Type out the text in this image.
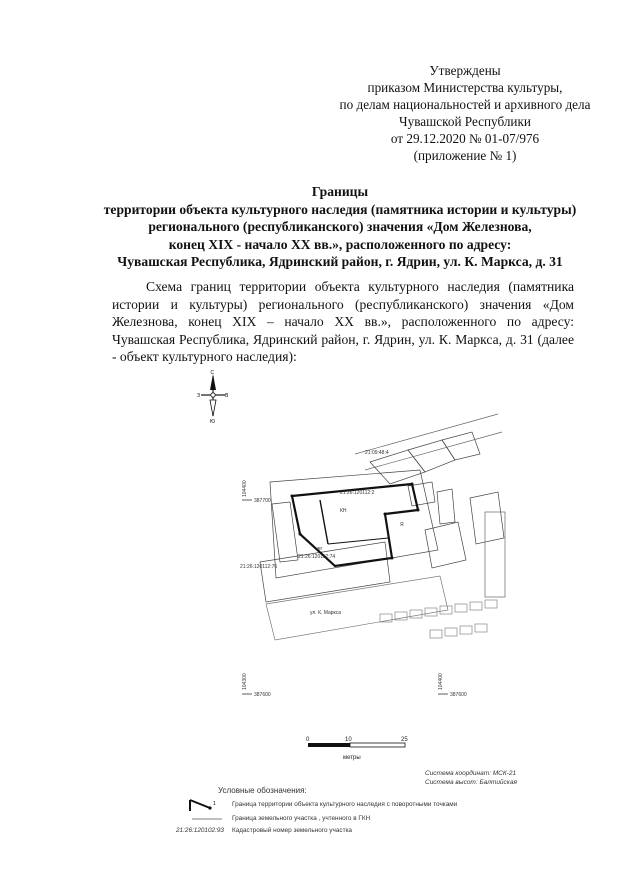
Утверждены
приказом Министерства культуры,
по делам национальностей и архивного дела
Чувашской Республики
от 29.12.2020 № 01-07/976
(приложение № 1)
Границы
территории объекта культурного наследия (памятника истории и культуры)
регионального (республиканского) значения «Дом Железнова,
конец XIX - начало XX вв.», расположенного по адресу:
Чувашская Республика, Ядринский район, г. Ядрин, ул. К. Маркса, д. 31
Схема границ территории объекта культурного наследия (памятника истории и культуры) регионального (республиканского) значения «Дом Железнова, конец XIX – начало XX вв.», расположенного по адресу: Чувашская Республика, Ядринский район, г. Ядрин, ул. К. Маркса, д. 31 (далее - объект культурного наследия):
С
З	В
Ю
21:26:120112:2
21:26:120112:74
21:26:120112:76
21:09:48:4
КН
Я
нег
ул. К. Маркса
387700
387600	387600
104400
104300	104400
0	10	25
метры
Система координат: МСК-21
Система высот: Балтийская
Условные обозначения:
1	Граница территории объекта культурного наследия с поворотными точками
Граница земельного участка , учтенного в ГКН
21:26:120102:93 Кадастровый номер земельного участка
